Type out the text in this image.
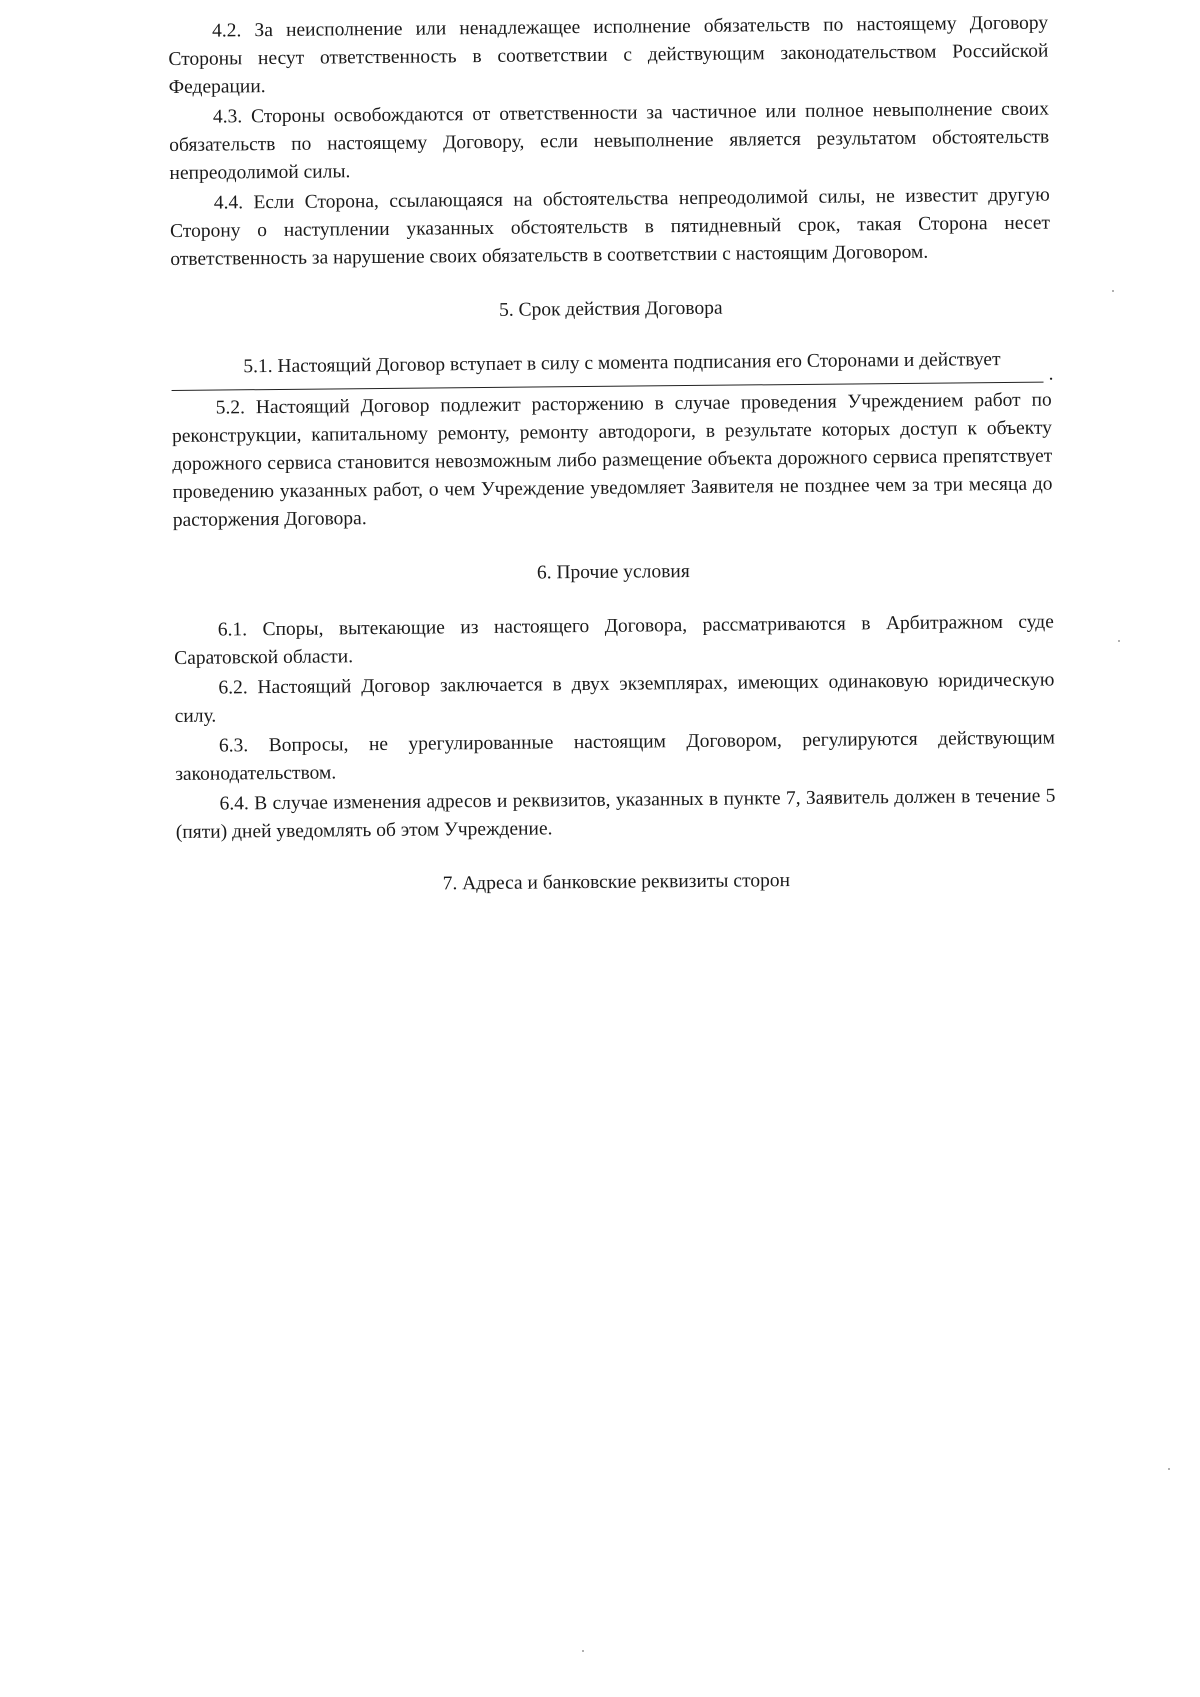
4.2. За неисполнение или ненадлежащее исполнение обязательств по настоящему Договору Стороны несут ответственность в соответствии с действующим законодательством Российской Федерации.

4.3. Стороны освобождаются от ответственности за частичное или полное невыполнение своих обязательств по настоящему Договору, если невыполнение является результатом обстоятельств непреодолимой силы.

4.4. Если Сторона, ссылающаяся на обстоятельства непреодолимой силы, не известит другую Сторону о наступлении указанных обстоятельств в пятидневный срок, такая Сторона несет ответственность за нарушение своих обязательств в соответствии с настоящим Договором.

5. Срок действия Договора

5.1. Настоящий Договор вступает в силу с момента подписания его Сторонами и действует	.

5.2. Настоящий Договор подлежит расторжению в случае проведения Учреждением работ по реконструкции, капитальному ремонту, ремонту автодороги, в результате которых доступ к объекту дорожного сервиса становится невозможным либо размещение объекта дорожного сервиса препятствует проведению указанных работ, о чем Учреждение уведомляет Заявителя не позднее чем за три месяца до расторжения Договора.

6. Прочие условия

6.1. Споры, вытекающие из настоящего Договора, рассматриваются в Арбитражном суде Саратовской области.

6.2. Настоящий Договор заключается в двух экземплярах, имеющих одинаковую юридическую силу.

6.3. Вопросы, не урегулированные настоящим Договором, регулируются действующим законодательством.

6.4. В случае изменения адресов и реквизитов, указанных в пункте 7, Заявитель должен в течение 5 (пяти) дней уведомлять об этом Учреждение.

7. Адреса и банковские реквизиты сторон
